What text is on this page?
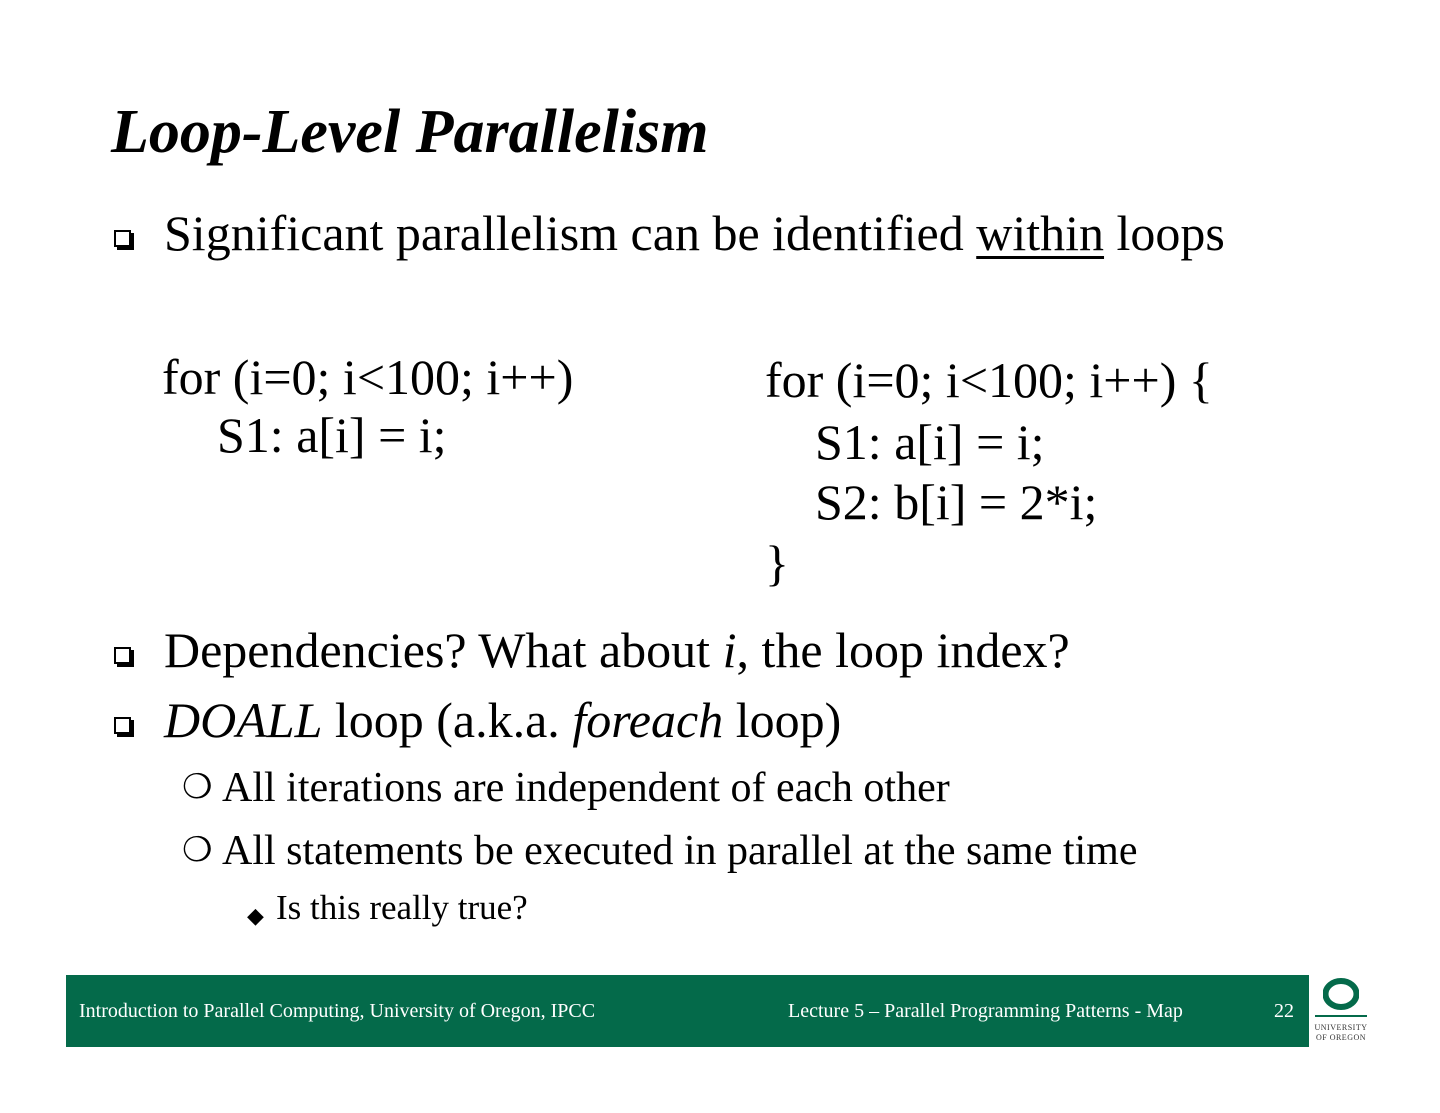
Loop-Level Parallelism
Significant parallelism can be identified within loops
for (i=0; i<100; i++)
S1: a[i] = i;
for (i=0; i<100; i++) {
S1: a[i] = i;
S2: b[i] = 2*i;
}
Dependencies? What about i, the loop index?
DOALL loop (a.k.a. foreach loop)
❍ All iterations are independent of each other
❍ All statements be executed in parallel at the same time
◆ Is this really true?
Introduction to Parallel Computing, University of Oregon, IPCC	Lecture 5 – Parallel Programming Patterns - Map	22
UNIVERSITY
OF OREGON
